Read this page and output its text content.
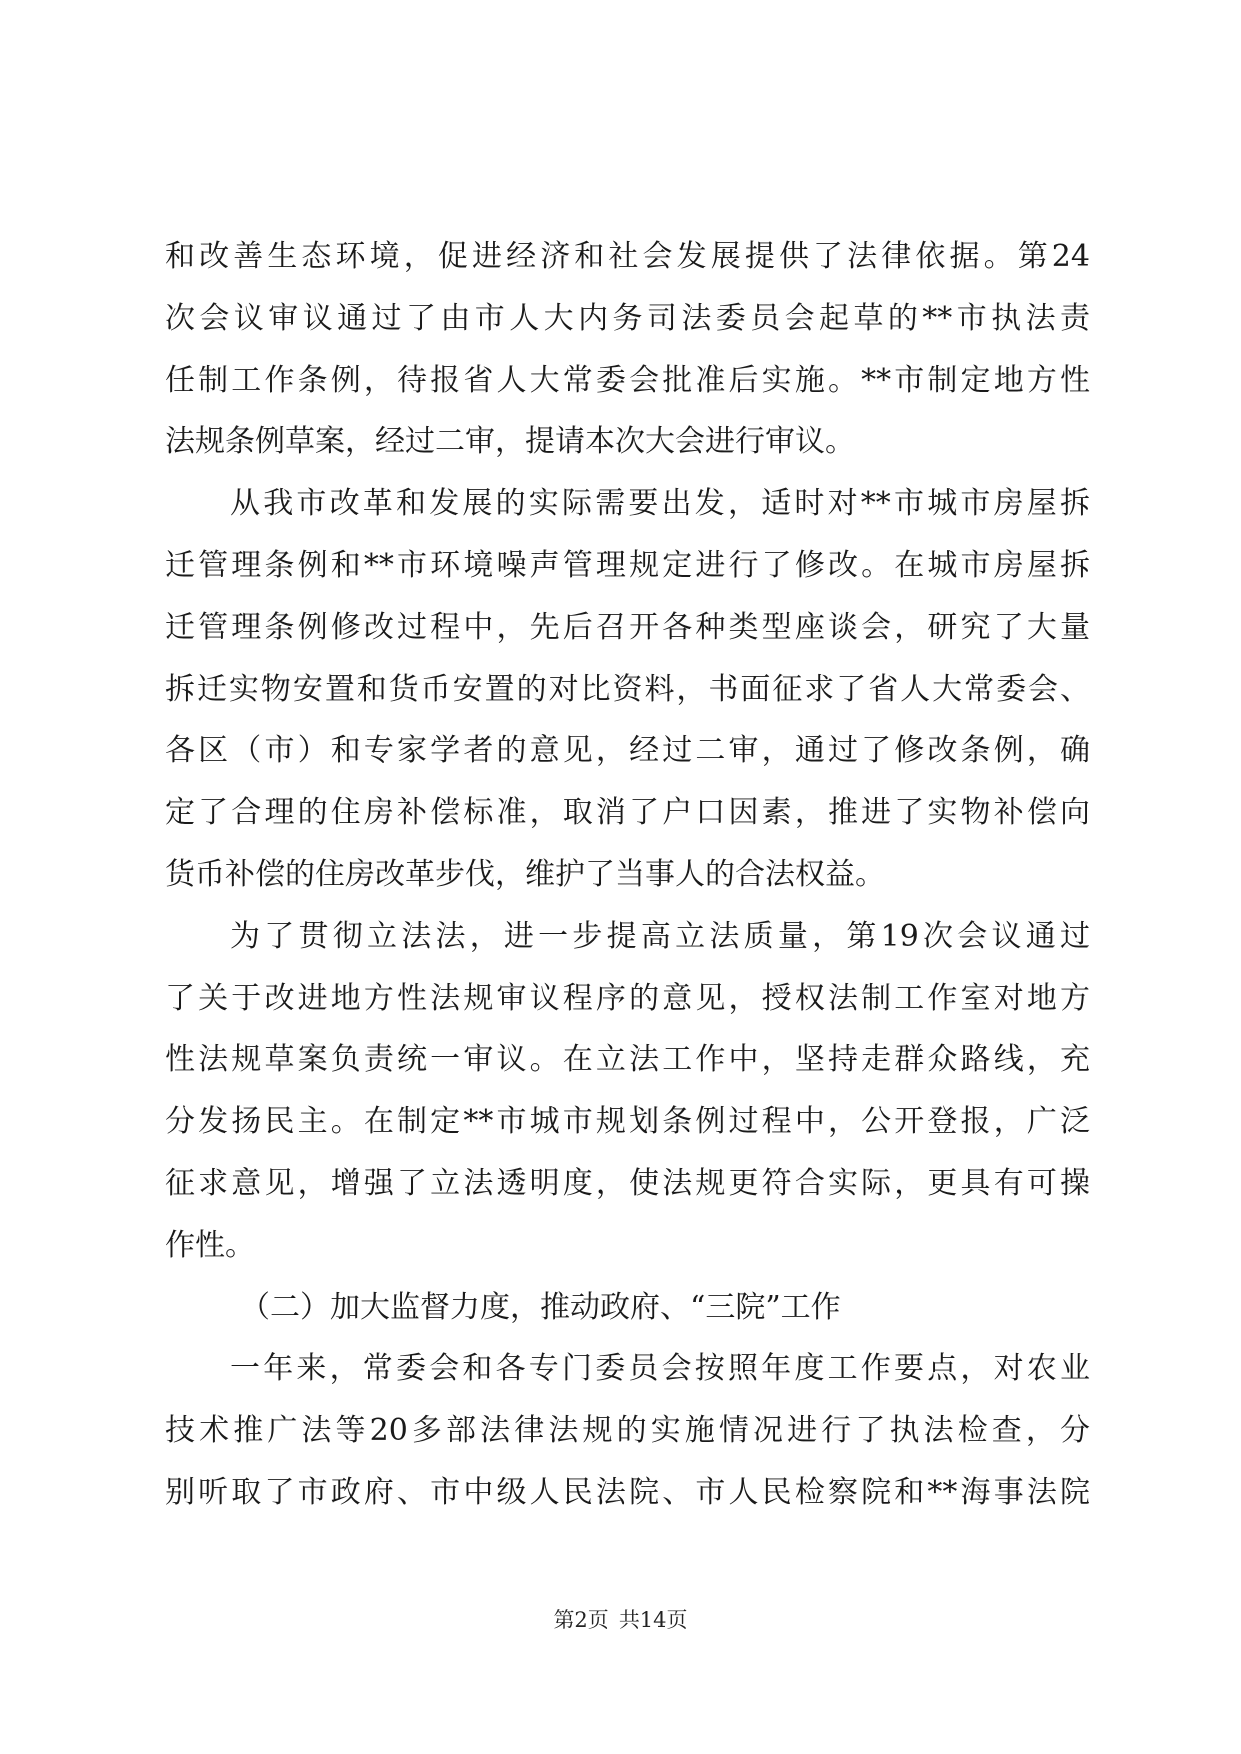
和改善生态环境，促进经济和社会发展提供了法律依据。第24
次会议审议通过了由市人大内务司法委员会起草的**市执法责
任制工作条例，待报省人大常委会批准后实施。**市制定地方性
法规条例草案，经过二审，提请本次大会进行审议。
从我市改革和发展的实际需要出发，适时对**市城市房屋拆
迁管理条例和**市环境噪声管理规定进行了修改。在城市房屋拆
迁管理条例修改过程中，先后召开各种类型座谈会，研究了大量
拆迁实物安置和货币安置的对比资料，书面征求了省人大常委会、
各区（市）和专家学者的意见，经过二审，通过了修改条例，确
定了合理的住房补偿标准，取消了户口因素，推进了实物补偿向
货币补偿的住房改革步伐，维护了当事人的合法权益。
为了贯彻立法法，进一步提高立法质量，第19次会议通过
了关于改进地方性法规审议程序的意见，授权法制工作室对地方
性法规草案负责统一审议。在立法工作中，坚持走群众路线，充
分发扬民主。在制定**市城市规划条例过程中，公开登报，广泛
征求意见，增强了立法透明度，使法规更符合实际，更具有可操
作性。
（二）加大监督力度，推动政府、“三院”工作
一年来，常委会和各专门委员会按照年度工作要点，对农业
技术推广法等20多部法律法规的实施情况进行了执法检查，分
别听取了市政府、市中级人民法院、市人民检察院和**海事法院
第2页 共14页
